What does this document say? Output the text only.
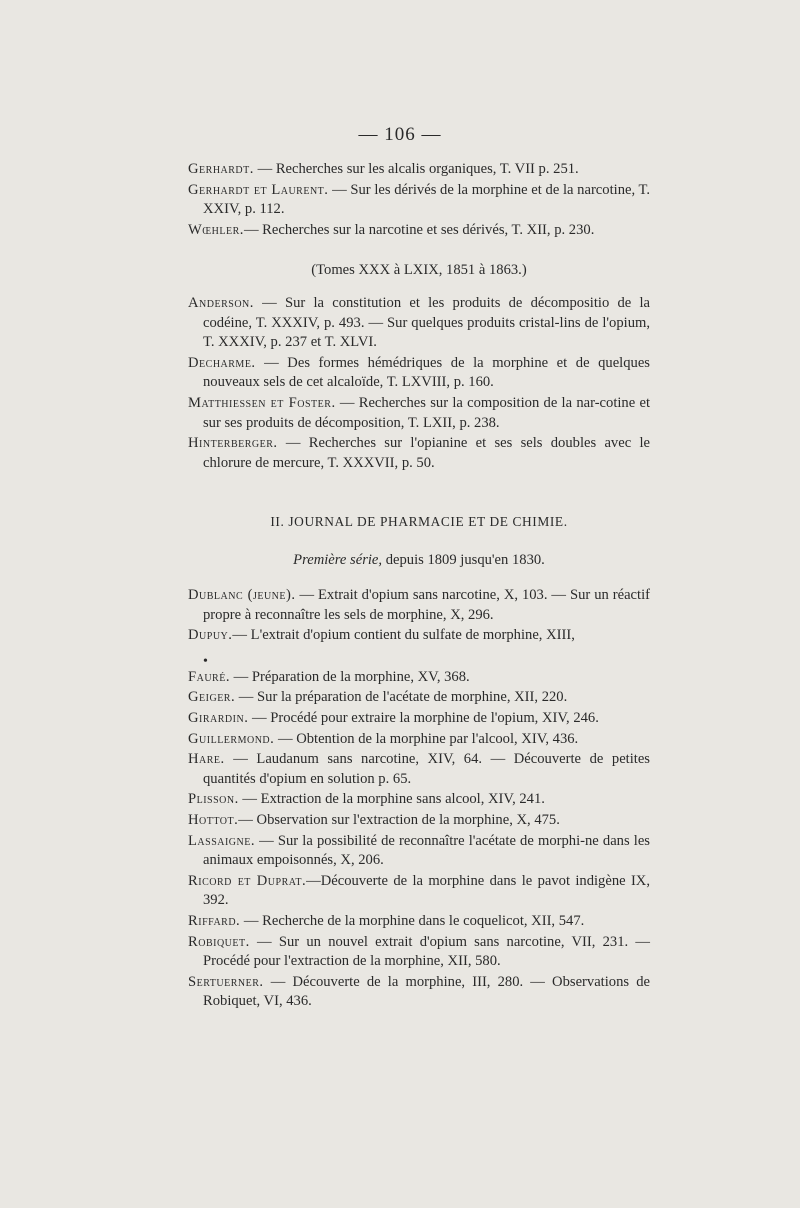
— 106 —

Gerhardt. — Recherches sur les alcalis organiques, T. VII p. 251.

Gerhardt et Laurent. — Sur les dérivés de la morphine et de la narcotine, T. XXIV, p. 112.

Wœhler.— Recherches sur la narcotine et ses dérivés, T. XII, p. 230.

(Tomes XXX à LXIX, 1851 à 1863.)

Anderson. — Sur la constitution et les produits de décompositio de la codéine, T. XXXIV, p. 493. — Sur quelques produits cristal-lins de l'opium, T. XXXIV, p. 237 et T. XLVI.

Decharme. — Des formes hémédriques de la morphine et de quelques nouveaux sels de cet alcaloïde, T. LXVIII, p. 160.

Matthiessen et Foster. — Recherches sur la composition de la nar-cotine et sur ses produits de décomposition, T. LXII, p. 238.

Hinterberger. — Recherches sur l'opianine et ses sels doubles avec le chlorure de mercure, T. XXXVII, p. 50.

II. JOURNAL DE PHARMACIE ET DE CHIMIE.
Première série, depuis 1809 jusqu'en 1830.

Dublanc (jeune). — Extrait d'opium sans narcotine, X, 103. — Sur un réactif propre à reconnaître les sels de morphine, X, 296.

Dupuy.— L'extrait d'opium contient du sulfate de morphine, XIII,

Fauré. — Préparation de la morphine, XV, 368.

Geiger. — Sur la préparation de l'acétate de morphine, XII, 220.

Girardin. — Procédé pour extraire la morphine de l'opium, XIV, 246.

Guillermond. — Obtention de la morphine par l'alcool, XIV, 436.

Hare. — Laudanum sans narcotine, XIV, 64. — Découverte de petites quantités d'opium en solution p. 65.

Plisson. — Extraction de la morphine sans alcool, XIV, 241.

Hottot.— Observation sur l'extraction de la morphine, X, 475.

Lassaigne. — Sur la possibilité de reconnaître l'acétate de morphi-ne dans les animaux empoisonnés, X, 206.

Ricord et Duprat.—Découverte de la morphine dans le pavot indigène IX, 392.

Riffard. — Recherche de la morphine dans le coquelicot, XII, 547.

Robiquet. — Sur un nouvel extrait d'opium sans narcotine, VII, 231. — Procédé pour l'extraction de la morphine, XII, 580.

Sertuerner. — Découverte de la morphine, III, 280. — Observations de Robiquet, VI, 436.

•
